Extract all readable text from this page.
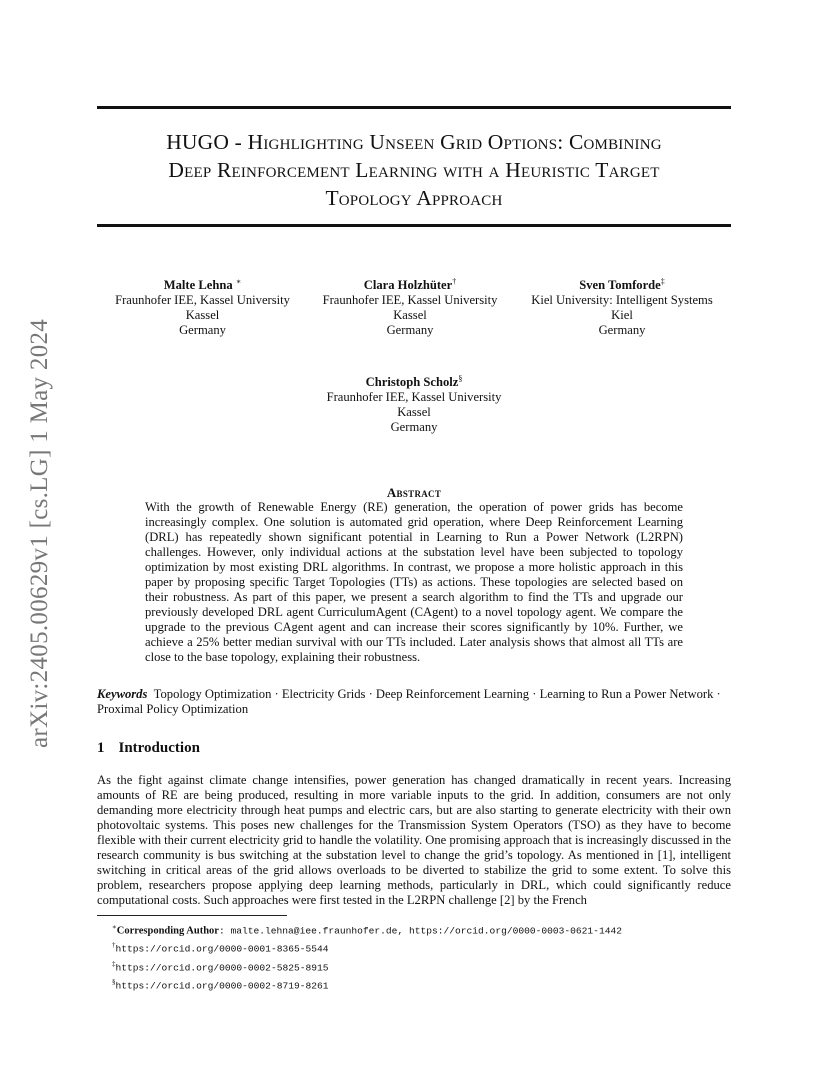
arXiv:2405.00629v1 [cs.LG] 1 May 2024
HUGO - Highlighting Unseen Grid Options: Combining
Deep Reinforcement Learning with a Heuristic Target
Topology Approach
Malte Lehna ∗
Fraunhofer IEE, Kassel University
Kassel
Germany
Clara Holzhüter†
Fraunhofer IEE, Kassel University
Kassel
Germany
Sven Tomforde‡
Kiel University: Intelligent Systems
Kiel
Germany
Christoph Scholz§
Fraunhofer IEE, Kassel University
Kassel
Germany
Abstract
With the growth of Renewable Energy (RE) generation, the operation of power grids has become increasingly complex. One solution is automated grid operation, where Deep Reinforcement Learning (DRL) has repeatedly shown significant potential in Learning to Run a Power Network (L2RPN) challenges. However, only individual actions at the substation level have been subjected to topology optimization by most existing DRL algorithms. In contrast, we propose a more holistic approach in this paper by proposing specific Target Topologies (TTs) as actions. These topologies are selected based on their robustness. As part of this paper, we present a search algorithm to find the TTs and upgrade our previously developed DRL agent CurriculumAgent (CAgent) to a novel topology agent. We compare the upgrade to the previous CAgent agent and can increase their scores significantly by 10%. Further, we achieve a 25% better median survival with our TTs included. Later analysis shows that almost all TTs are close to the base topology, explaining their robustness.
Keywords Topology Optimization · Electricity Grids · Deep Reinforcement Learning · Learning to Run a Power Network · Proximal Policy Optimization
1 Introduction
As the fight against climate change intensifies, power generation has changed dramatically in recent years. Increasing amounts of RE are being produced, resulting in more variable inputs to the grid. In addition, consumers are not only demanding more electricity through heat pumps and electric cars, but are also starting to generate electricity with their own photovoltaic systems. This poses new challenges for the Transmission System Operators (TSO) as they have to become flexible with their current electricity grid to handle the volatility. One promising approach that is increasingly discussed in the research community is bus switching at the substation level to change the grid’s topology. As mentioned in [1], intelligent switching in critical areas of the grid allows overloads to be diverted to stabilize the grid to some extent. To solve this problem, researchers propose applying deep learning methods, particularly in DRL, which could significantly reduce computational costs. Such approaches were first tested in the L2RPN challenge [2] by the French
∗Corresponding Author: malte.lehna@iee.fraunhofer.de, https://orcid.org/0000-0003-0621-1442
†https://orcid.org/0000-0001-8365-5544
‡https://orcid.org/0000-0002-5825-8915
§https://orcid.org/0000-0002-8719-8261
